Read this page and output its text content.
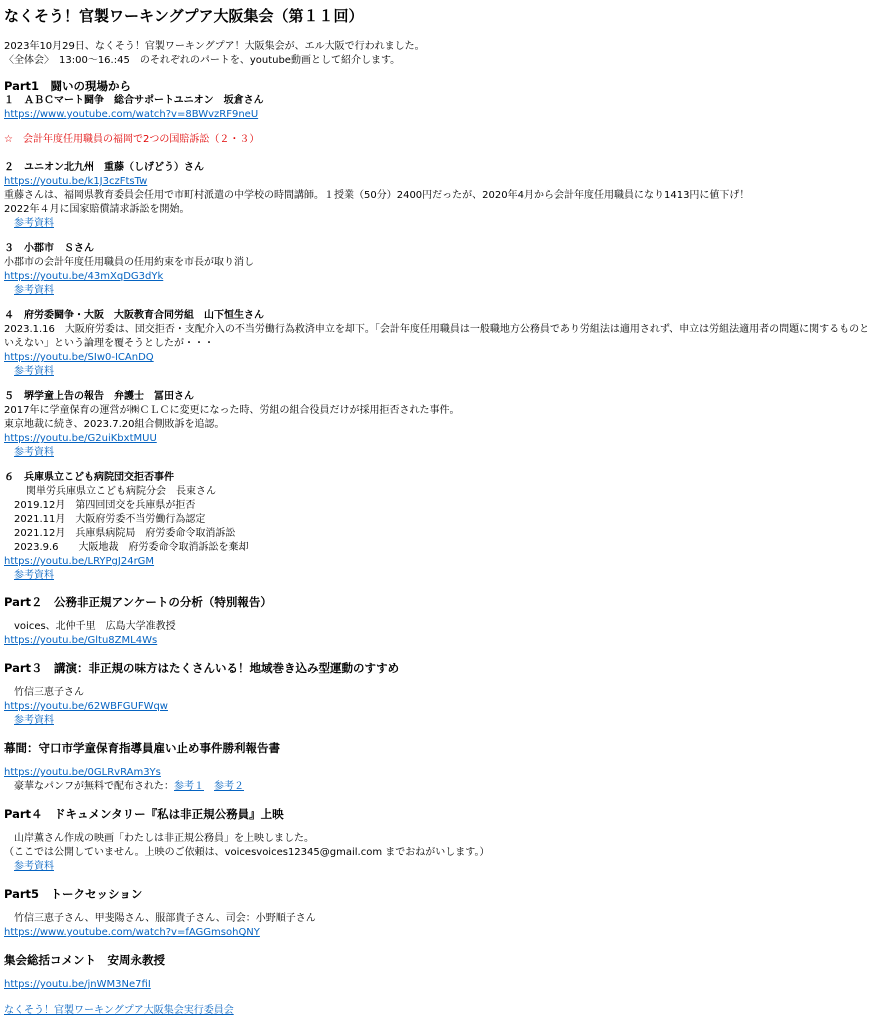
なくそう！官製ワーキングプア大阪集会（第１１回）
2023年10月29日、なくそう！官製ワーキングプア！大阪集会が、エル大阪で行われました。
〈全体会〉　13:00～16.:45　のそれぞれのパートを、youtube動画として紹介します。
Part1　闘いの現場から
１　ＡＢＣマート闘争　総合サポートユニオン　坂倉さん
https://www.youtube.com/watch?v=8BWvzRF9neU
☆　会計年度任用職員の福岡で2つの国賠訴訟（２・３）
２　ユニオン北九州　重藤（しげどう）さん
https://youtu.be/k1J3czFtsTw
重藤さんは、福岡県教育委員会任用で市町村派遣の中学校の時間講師。１授業（50分）2400円だったが、2020年4月から会計年度任用職員になり1413円に値下げ！
2022年４月に国家賠償請求訴訟を開始。
参考資料
３　小郡市　Ｓさん
小郡市の会計年度任用職員の任用約束を市長が取り消し
https://youtu.be/43mXqDG3dYk
参考資料
４　府労委闘争・大阪　大阪教育合同労組　山下恒生さん
2023.1.16　大阪府労委は、団交拒否・支配介入の不当労働行為救済申立を却下。「会計年度任用職員は一般職地方公務員であり労組法は適用されず、申立は労組法適用者の問題に関するものと
いえない」という論理を覆そうとしたが・・・
https://youtu.be/SIw0-ICAnDQ
参考資料
５　堺学童上告の報告　弁護士　冨田さん
2017年に学童保育の運営が㈱ＣＬＣに変更になった時、労組の組合役員だけが採用拒否された事件。
東京地裁に続き、2023.7.20組合側敗訴を追認。
https://youtu.be/G2uiKbxtMUU
参考資料
６　兵庫県立こども病院団交拒否事件
関単労兵庫県立こども病院分会　長束さん
2019.12月　第四回団交を兵庫県が拒否
2021.11月　大阪府労委不当労働行為認定
2021.12月　兵庫県病院局　府労委命令取消訴訟
2023.9.6　　大阪地裁　府労委命令取消訴訟を棄却
https://youtu.be/LRYPgJ24rGM
参考資料
Part２　公務非正規アンケートの分析（特別報告）
voices、北仲千里　広島大学准教授
https://youtu.be/Gltu8ZML4Ws
Part３　講演：非正規の味方はたくさんいる！地域巻き込み型運動のすすめ
竹信三恵子さん
https://youtu.be/62WBFGUFWqw
参考資料
幕間：守口市学童保育指導員雇い止め事件勝利報告書
https://youtu.be/0GLRvRAm3Ys
豪華なパンフが無料で配布された：参考１　 参考２
Part４　ドキュメンタリー『私は非正規公務員』上映
山岸薫さん作成の映画「わたしは非正規公務員」を上映しました。
（ここでは公開していません。上映のご依頼は、voicesvoices12345@gmail.com までおねがいします。）
参考資料
Part5　トークセッション
竹信三恵子さん、甲斐陽さん、服部貴子さん、司会：小野順子さん
https://www.youtube.com/watch?v=fAGGmsohQNY
集会総括コメント　安周永教授
https://youtu.be/jnWM3Ne7fiI
なくそう！官製ワーキングプア大阪集会実行委員会
